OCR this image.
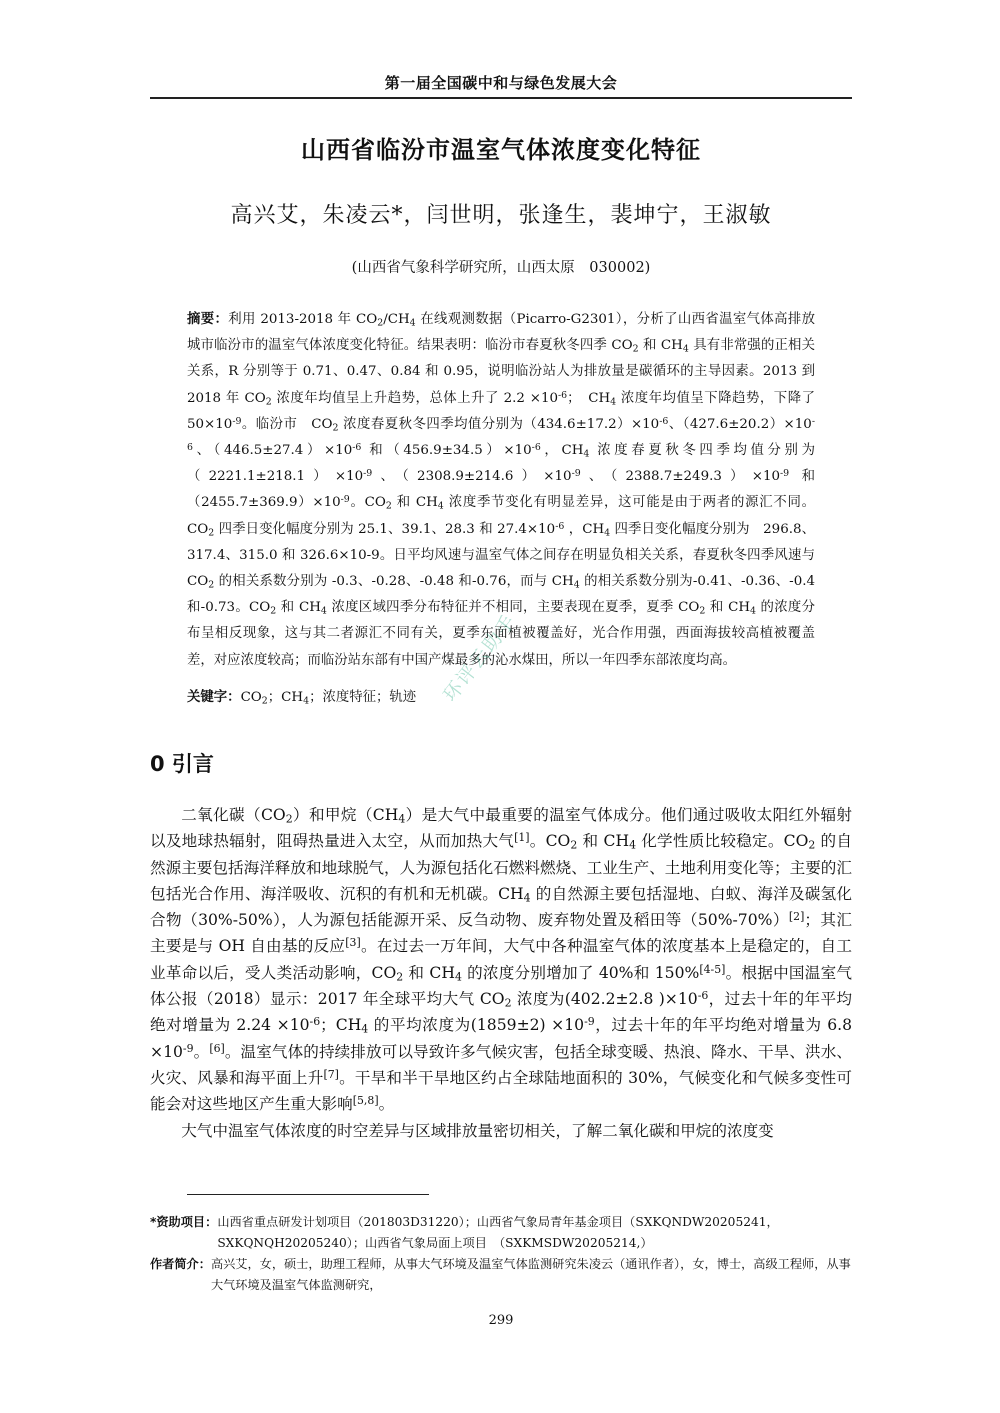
第一届全国碳中和与绿色发展大会
山西省临汾市温室气体浓度变化特征
高兴艾，朱凌云*，闫世明，张逢生，裴坤宁，王淑敏
(山西省气象科学研究所，山西太原　030002)
摘要：利用 2013-2018 年 $CO_2/CH_4$ 在线观测数据（Picarro-G2301），分析了山西省温室气体高排放城市临汾市的温室气体浓度变化特征。结果表明：临汾市春夏秋冬四季 $CO_2$ 和 $CH_4$ 具有非常强的正相关关系，R 分别等于 0.71、0.47、0.84 和 0.95，说明临汾站人为排放量是碳循环的主导因素。2013 到 2018 年 $CO_2$ 浓度年均值呈上升趋势，总体上升了 $2.2 \times 10^{-6}$；　$CH_4$ 浓度年均值呈下降趋势，下降了　$50\times 10^{-9}$。临汾市　$CO_2$ 浓度春夏秋冬四季均值分别为$(434.6\pm 17.2)\times 10^{-6}$、$(427.6\pm 20.2)\times 10^{-6}$、$(446.5\pm 27.4)\times 10^{-6}$ 和$(456.9\pm 34.5)\times 10^{-6}$，$CH_4$ 浓度春夏秋冬四季均值分别为$(2221.1\pm 218.1)\times 10^{-9}$、$(2308.9\pm 214.6)\times 10^{-9}$、$(2388.7\pm 249.3)\times 10^{-9}$ 和$(2455.7\pm 369.9)\times 10^{-9}$。$CO_2$ 和 $CH_4$ 浓度季节变化有明显差异，这可能是由于两者的源汇不同。$CO_2$ 四季日变化幅度分别为 25.1、39.1、28.3 和 $27.4\times 10^{-6}$ ，$CH_4$ 四季日变化幅度分别为　296.8、317.4、315.0 和 326.6×10-9。日平均风速与温室气体之间存在明显负相关关系，春夏秋冬四季风速与　$CO_2$ 的相关系数分别为 -0.3、-0.28、-0.48 和-0.76，而与 $CH_4$ 的相关系数分别为-0.41、-0.36、-0.4 和-0.73。$CO_2$ 和 $CH_4$ 浓度区域四季分布特征并不相同，主要表现在夏季，夏季 $CO_2$ 和 $CH_4$ 的浓度分布呈相反现象，这与其二者源汇不同有关，夏季东面植被覆盖好，光合作用强，西面海拔较高植被覆盖差，对应浓度较高；而临汾站东部有中国产煤最多的沁水煤田，所以一年四季东部浓度均高。
关键字：$CO_2$；$CH_4$；浓度特征；轨迹	环评云助手
0 引言

二氧化碳$(CO_2)$和甲烷$(CH_4)$是大气中最重要的温室气体成分。他们通过吸收太阳红外辐射以及地球热辐射，阻碍热量进入太空，从而加热大气[1]。$CO_2$ 和 $CH_4$ 化学性质比较稳定。$CO_2$ 的自然源主要包括海洋释放和地球脱气，人为源包括化石燃料燃烧、工业生产、土地利用变化等；主要的汇包括光合作用、海洋吸收、沉积的有机和无机碳。$CH_4$ 的自然源主要包括湿地、白蚁、海洋及碳氢化合物（30%-50%），人为源包括能源开采、反刍动物、废弃物处置及稻田等（50%-70%）[2]；其汇主要是与 OH 自由基的反应[3]。在过去一万年间，大气中各种温室气体的浓度基本上是稳定的，自工业革命以后，受人类活动影响，$CO_2$ 和 $CH_4$ 的浓度分别增加了 40%和 150%[4-5]。根据中国温室气体公报（2018）显示：2017 年全球平均大气 $CO_2$ 浓度为(402.2±2.8 )$\times 10^{-6}$，过去十年的年平均绝对增量为 $2.24 \times 10^{-6}$；$CH_4$ 的平均浓度为$(1859\pm 2) \times 10^{-9}$，过去十年的年平均绝对增量为 $6.8 \times 10^{-9}$。[6]。温室气体的持续排放可以导致许多气候灾害，包括全球变暖、热浪、降水、干旱、洪水、火灾、风暴和海平面上升[7]。干旱和半干旱地区约占全球陆地面积的 30%，气候变化和气候多变性可能会对这些地区产生重大影响[5,8]。

大气中温室气体浓度的时空差异与区域排放量密切相关，了解二氧化碳和甲烷的浓度变

*资助项目： 山西省重点研发计划项目（201803D31220）；山西省气象局青年基金项目（SXKQNDW20205241，SXKQNQH20205240）；山西省气象局面上项目　（SXKMSDW20205214,）
作者简介： 高兴艾，女，硕士，助理工程师，从事大气环境及温室气体监测研究朱凌云（通讯作者），女，博士，高级工程师，从事大气环境及温室气体监测研究，
299
